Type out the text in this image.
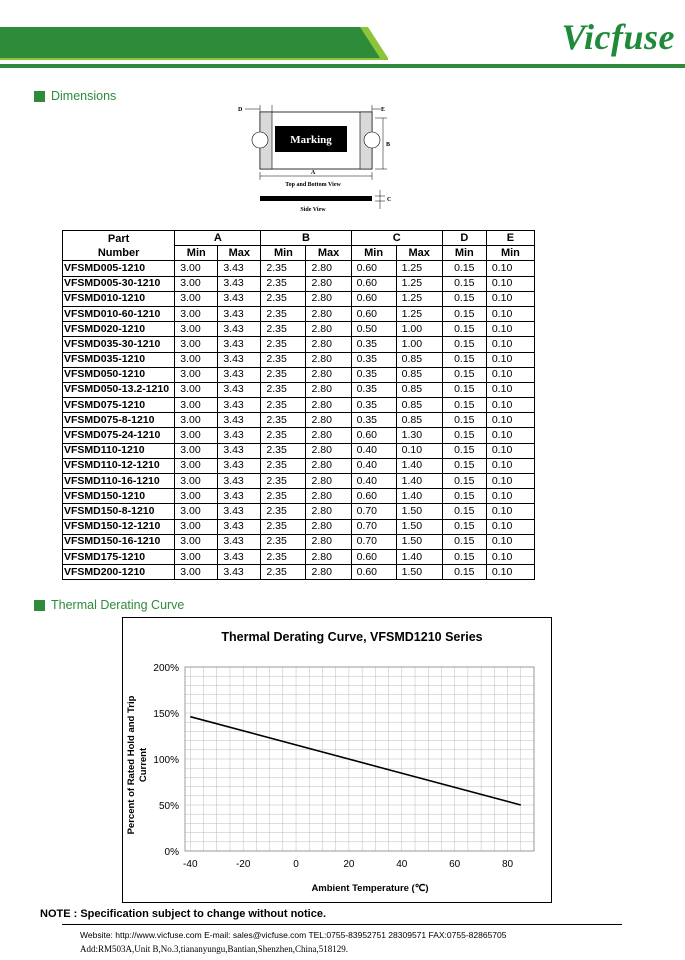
Vicfuse
Dimensions
Marking
D	E
B
A
Top and Bottom View
C
Side View
Part
Number	A		B		C		D	E
	Min	Max	Min	Max	Min	Max	Min	Min
VFSMD005-1210	3.00	3.43	2.35	2.80	0.60	1.25	0.15	0.10
VFSMD005-30-1210	3.00	3.43	2.35	2.80	0.60	1.25	0.15	0.10
VFSMD010-1210	3.00	3.43	2.35	2.80	0.60	1.25	0.15	0.10
VFSMD010-60-1210	3.00	3.43	2.35	2.80	0.60	1.25	0.15	0.10
VFSMD020-1210	3.00	3.43	2.35	2.80	0.50	1.00	0.15	0.10
VFSMD035-30-1210	3.00	3.43	2.35	2.80	0.35	1.00	0.15	0.10
VFSMD035-1210	3.00	3.43	2.35	2.80	0.35	0.85	0.15	0.10
VFSMD050-1210	3.00	3.43	2.35	2.80	0.35	0.85	0.15	0.10
VFSMD050-13.2-1210	3.00	3.43	2.35	2.80	0.35	0.85	0.15	0.10
VFSMD075-1210	3.00	3.43	2.35	2.80	0.35	0.85	0.15	0.10
VFSMD075-8-1210	3.00	3.43	2.35	2.80	0.35	0.85	0.15	0.10
VFSMD075-24-1210	3.00	3.43	2.35	2.80	0.60	1.30	0.15	0.10
VFSMD110-1210	3.00	3.43	2.35	2.80	0.40	0.10	0.15	0.10
VFSMD110-12-1210	3.00	3.43	2.35	2.80	0.40	1.40	0.15	0.10
VFSMD110-16-1210	3.00	3.43	2.35	2.80	0.40	1.40	0.15	0.10
VFSMD150-1210	3.00	3.43	2.35	2.80	0.60	1.40	0.15	0.10
VFSMD150-8-1210	3.00	3.43	2.35	2.80	0.70	1.50	0.15	0.10
VFSMD150-12-1210	3.00	3.43	2.35	2.80	0.70	1.50	0.15	0.10
VFSMD150-16-1210	3.00	3.43	2.35	2.80	0.70	1.50	0.15	0.10
VFSMD175-1210	3.00	3.43	2.35	2.80	0.60	1.40	0.15	0.10
VFSMD200-1210	3.00	3.43	2.35	2.80	0.60	1.50	0.15	0.10
Thermal Derating Curve
Thermal Derating Curve, VFSMD1210 Series
-40	-20	0	20	40	60	80
0%
50%
100%
150%
200%
Ambient Temperature (℃)
Percent of Rated Hold and Trip Current
NOTE : Specification subject to change without notice.
Website: http://www.vicfuse.com E-mail: sales@vicfuse.com TEL:0755-83952751 28309571 FAX:0755-82865705
Add:RM503A,Unit B,No.3,tiananyungu,Bantian,Shenzhen,China,518129.
